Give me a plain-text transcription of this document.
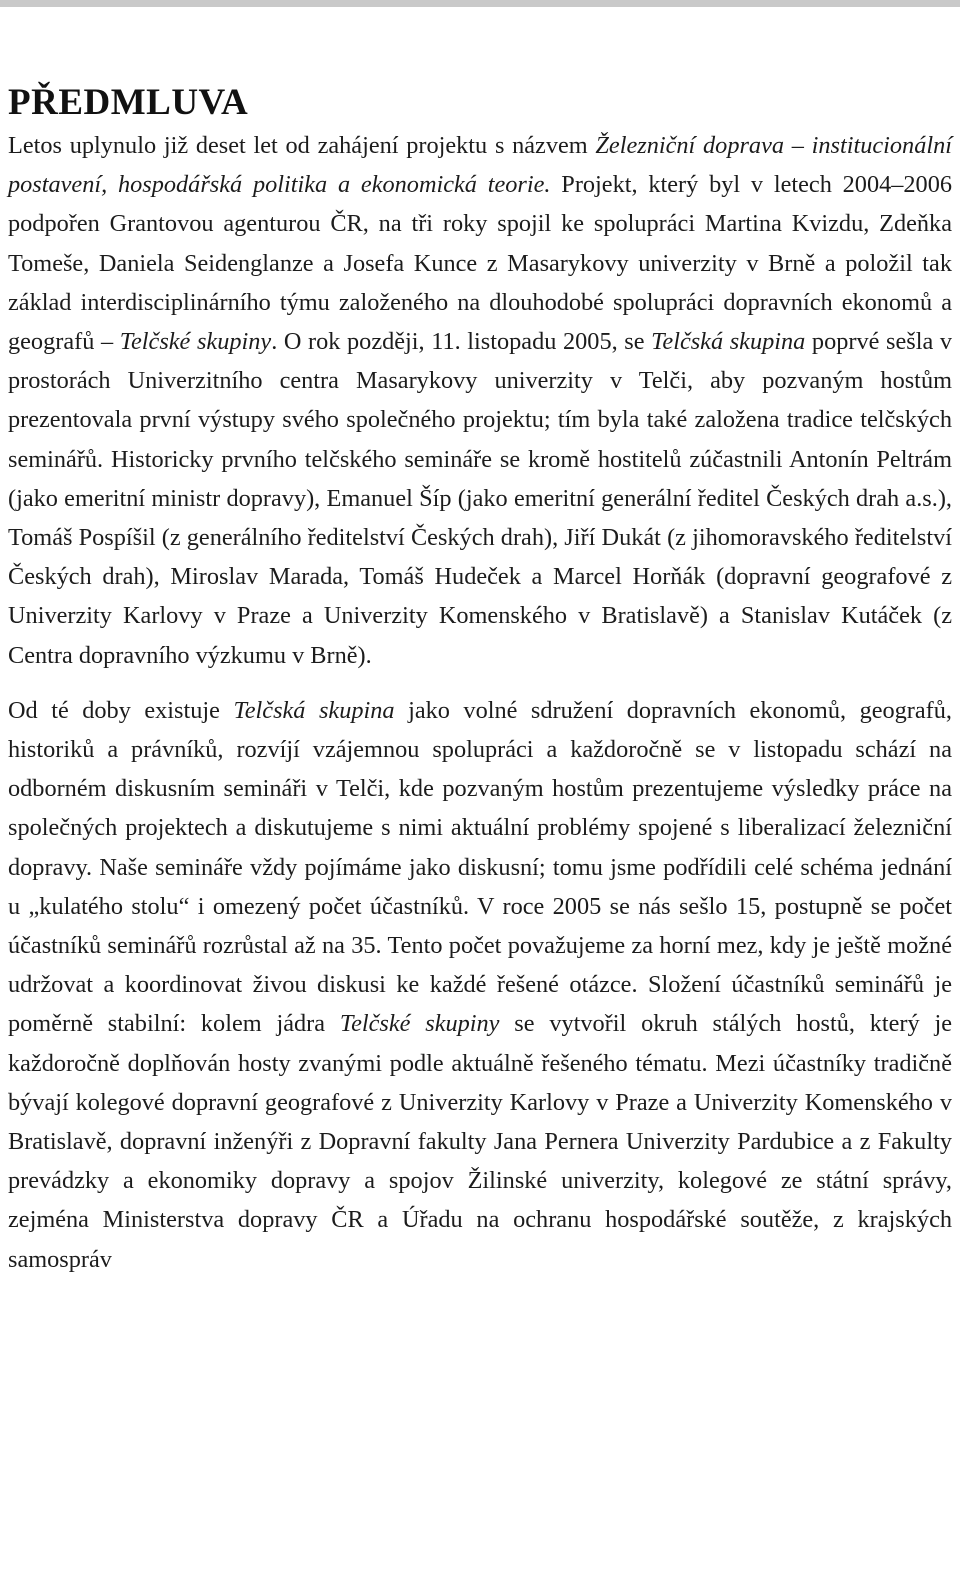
PŘEDMLUVA

Letos uplynulo již deset let od zahájení projektu s názvem Železniční doprava – institucionální postavení, hospodářská politika a ekonomická teorie. Projekt, který byl v letech 2004–2006 podpořen Grantovou agenturou ČR, na tři roky spojil ke spolupráci Martina Kvizdu, Zdeňka Tomeše, Daniela Seidenglanze a Josefa Kunce z Masarykovy univerzity v Brně a položil tak základ interdisciplinárního týmu založeného na dlouhodobé spolupráci dopravních ekonomů a geografů – Telčské skupiny. O rok později, 11. listopadu 2005, se Telčská skupina poprvé sešla v prostorách Univerzitního centra Masarykovy univerzity v Telči, aby pozvaným hostům prezentovala první výstupy svého společného projektu; tím byla také založena tradice telčských seminářů. Historicky prvního telčského semináře se kromě hostitelů zúčastnili Antonín Peltrám (jako emeritní ministr dopravy), Emanuel Šíp (jako emeritní generální ředitel Českých drah a.s.), Tomáš Pospíšil (z generálního ředitelství Českých drah), Jiří Dukát (z jihomoravského ředitelství Českých drah), Miroslav Marada, Tomáš Hudeček a Marcel Horňák (dopravní geografové z Univerzity Karlovy v Praze a Univerzity Komenského v Bratislavě) a Stanislav Kutáček (z Centra dopravního výzkumu v Brně).

Od té doby existuje Telčská skupina jako volné sdružení dopravních ekonomů, geografů, historiků a právníků, rozvíjí vzájemnou spolupráci a každoročně se v listopadu schází na odborném diskusním semináři v Telči, kde pozvaným hostům prezentujeme výsledky práce na společných projektech a diskutujeme s nimi aktuální problémy spojené s liberalizací železniční dopravy. Naše semináře vždy pojímáme jako diskusní; tomu jsme podřídili celé schéma jednání u „kulatého stolu“ i omezený počet účastníků. V roce 2005 se nás sešlo 15, postupně se počet účastníků seminářů rozrůstal až na 35. Tento počet považujeme za horní mez, kdy je ještě možné udržovat a koordinovat živou diskusi ke každé řešené otázce. Složení účastníků seminářů je poměrně stabilní: kolem jádra Telčské skupiny se vytvořil okruh stálých hostů, který je každoročně doplňován hosty zvanými podle aktuálně řešeného tématu. Mezi účastníky tradičně bývají kolegové dopravní geografové z Univerzity Karlovy v Praze a Univerzity Komenského v Bratislavě, dopravní inženýři z Dopravní fakulty Jana Pernera Univerzity Pardubice a z Fakulty prevádzky a ekonomiky dopravy a spojov Žilinské univerzity, kolegové ze státní správy, zejména Ministerstva dopravy ČR a Úřadu na ochranu hospodářské soutěže, z krajských samospráv
